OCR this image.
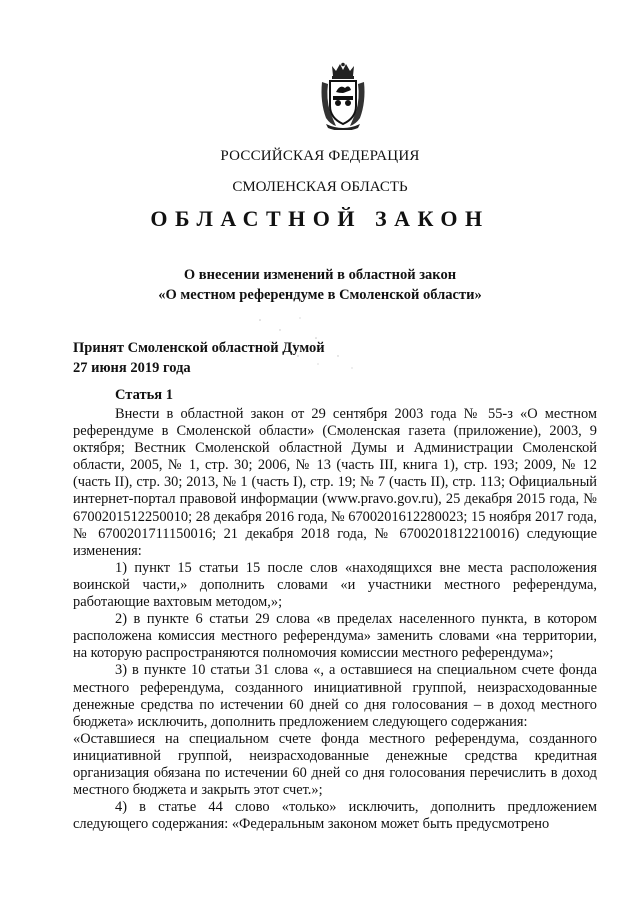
РОССИЙСКАЯ ФЕДЕРАЦИЯ
СМОЛЕНСКАЯ ОБЛАСТЬ
ОБЛАСТНОЙ ЗАКОН
О внесении изменений в областной закон
«О местном референдуме в Смоленской области»
Принят Смоленской областной Думой
27 июня 2019 года
Статья 1

Внести в областной закон от 29 сентября 2003 года № 55-з «О местном референдуме в Смоленской области» (Смоленская газета (приложение), 2003, 9 октября; Вестник Смоленской областной Думы и Администрации Смоленской области, 2005, № 1, стр. 30; 2006, № 13 (часть III, книга 1), стр. 193; 2009, № 12 (часть II), стр. 30; 2013, № 1 (часть I), стр. 19; № 7 (часть II), стр. 113; Официальный интернет-портал правовой информации (www.pravo.gov.ru), 25 декабря 2015 года, № 6700201512250010; 28 декабря 2016 года, № 6700201612280023; 15 ноября 2017 года, № 6700201711150016; 21 декабря 2018 года, № 6700201812210016) следующие изменения:

1) пункт 15 статьи 15 после слов «находящихся вне места расположения воинской части,» дополнить словами «и участники местного референдума, работающие вахтовым методом,»;

2) в пункте 6 статьи 29 слова «в пределах населенного пункта, в котором расположена комиссия местного референдума» заменить словами «на территории, на которую распространяются полномочия комиссии местного референдума»;

3) в пункте 10 статьи 31 слова «, а оставшиеся на специальном счете фонда местного референдума, созданного инициативной группой, неизрасходованные денежные средства по истечении 60 дней со дня голосования – в доход местного бюджета» исключить, дополнить предложением следующего содержания:

«Оставшиеся на специальном счете фонда местного референдума, созданного инициативной группой, неизрасходованные денежные средства кредитная организация обязана по истечении 60 дней со дня голосования перечислить в доход местного бюджета и закрыть этот счет.»;

4) в статье 44 слово «только» исключить, дополнить предложением следующего содержания: «Федеральным законом может быть предусмотрено
